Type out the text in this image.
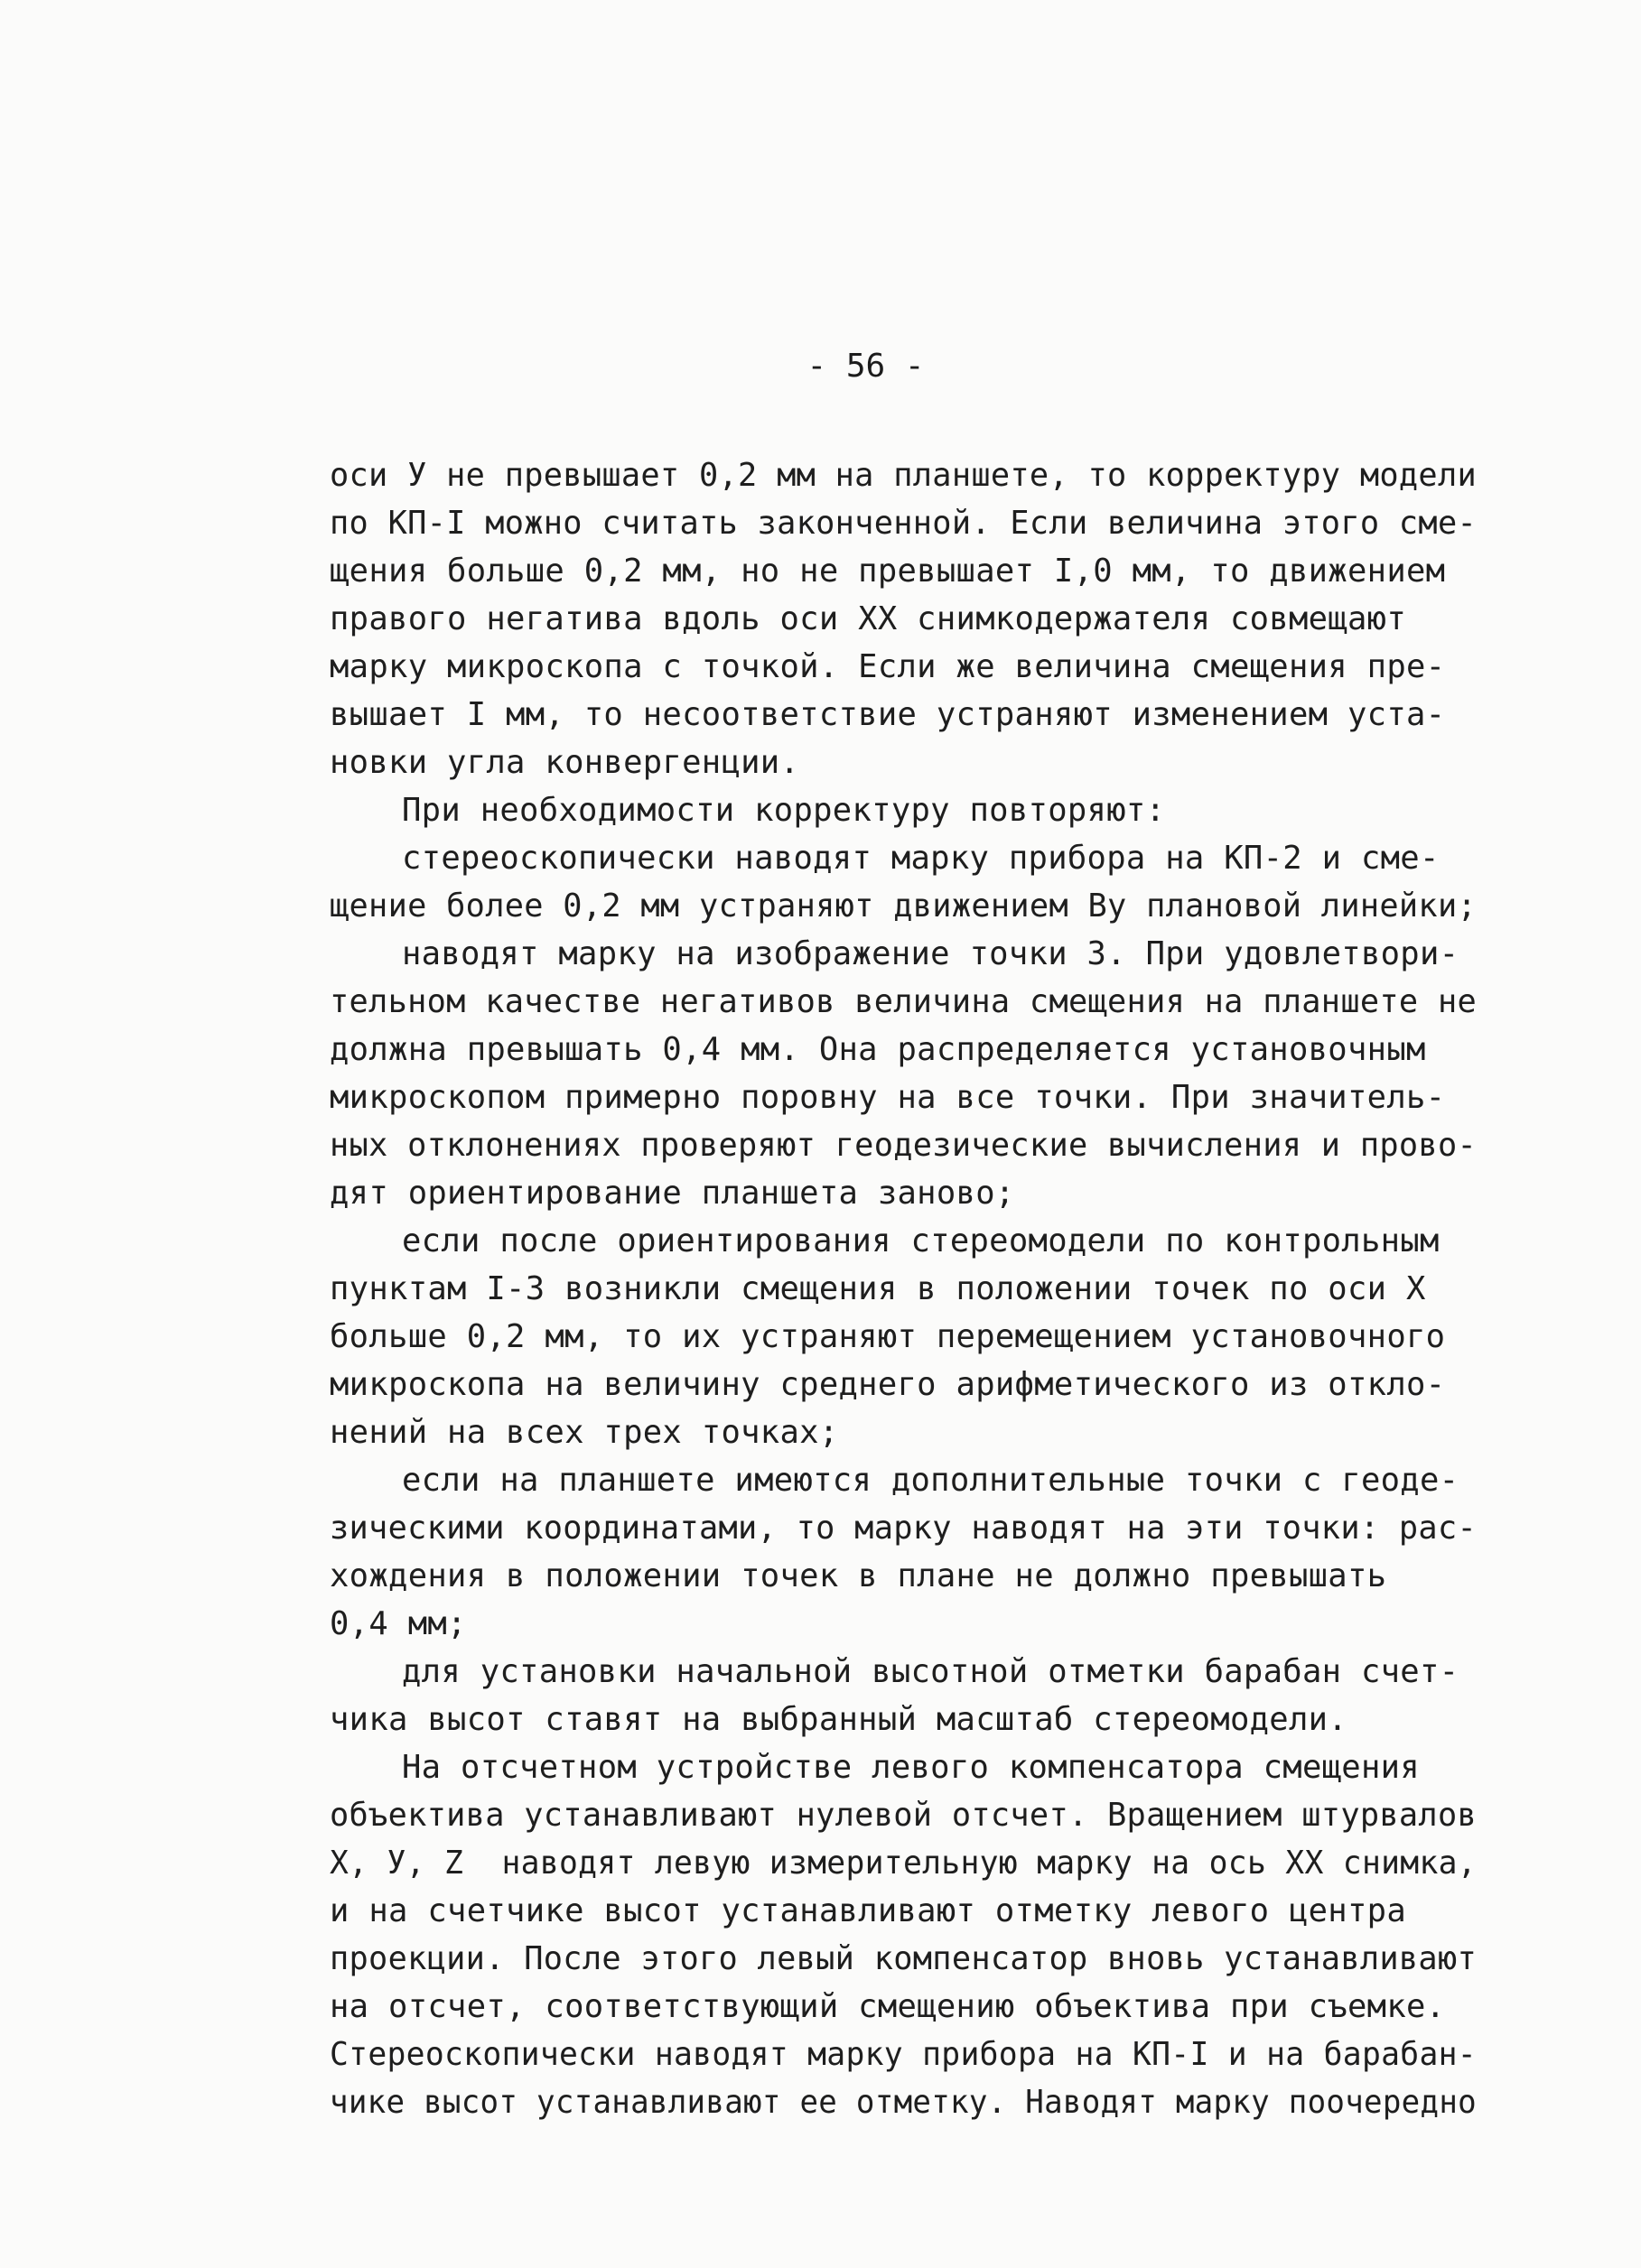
- 56 -
оси У не превышает 0,2 мм на планшете, то корректуру модели
по КП-I можно считать законченной. Если величина этого сме-
щения больше 0,2 мм, но не превышает I,0 мм, то движением
правого негатива вдоль оси XX снимкодержателя совмещают
марку микроскопа с точкой. Если же величина смещения пре-
вышает I мм, то несоответствие устраняют изменением уста-
новки угла конвергенции.
При необходимости корректуру повторяют:
стереоскопически наводят марку прибора на КП-2 и сме-
щение более 0,2 мм устраняют движением Bу плановой линейки;
наводят марку на изображение точки 3. При удовлетвори-
тельном качестве негативов величина смещения на планшете не
должна превышать 0,4 мм. Она распределяется установочным
микроскопом примерно поровну на все точки. При значитель-
ных отклонениях проверяют геодезические вычисления и прово-
дят ориентирование планшета заново;
если после ориентирования стереомодели по контрольным
пунктам I-3 возникли смещения в положении точек по оси X
больше 0,2 мм, то их устраняют перемещением установочного
микроскопа на величину среднего арифметического из откло-
нений на всех трех точках;
если на планшете имеются дополнительные точки с геоде-
зическими координатами, то марку наводят на эти точки: рас-
хождения в положении точек в плане не должно превышать
0,4 мм;
для установки начальной высотной отметки барабан счет-
чика высот ставят на выбранный масштаб стереомодели.
На отсчетном устройстве левого компенсатора смещения
объектива устанавливают нулевой отсчет. Вращением штурвалов
X, У, Z  наводят левую измерительную марку на ось XX снимка,
и на счетчике высот устанавливают отметку левого центра
проекции. После этого левый компенсатор вновь устанавливают
на отсчет, соответствующий смещению объектива при съемке.
Стереоскопически наводят марку прибора на КП-I и на барабан-
чике высот устанавливают ее отметку. Наводят марку поочередно
